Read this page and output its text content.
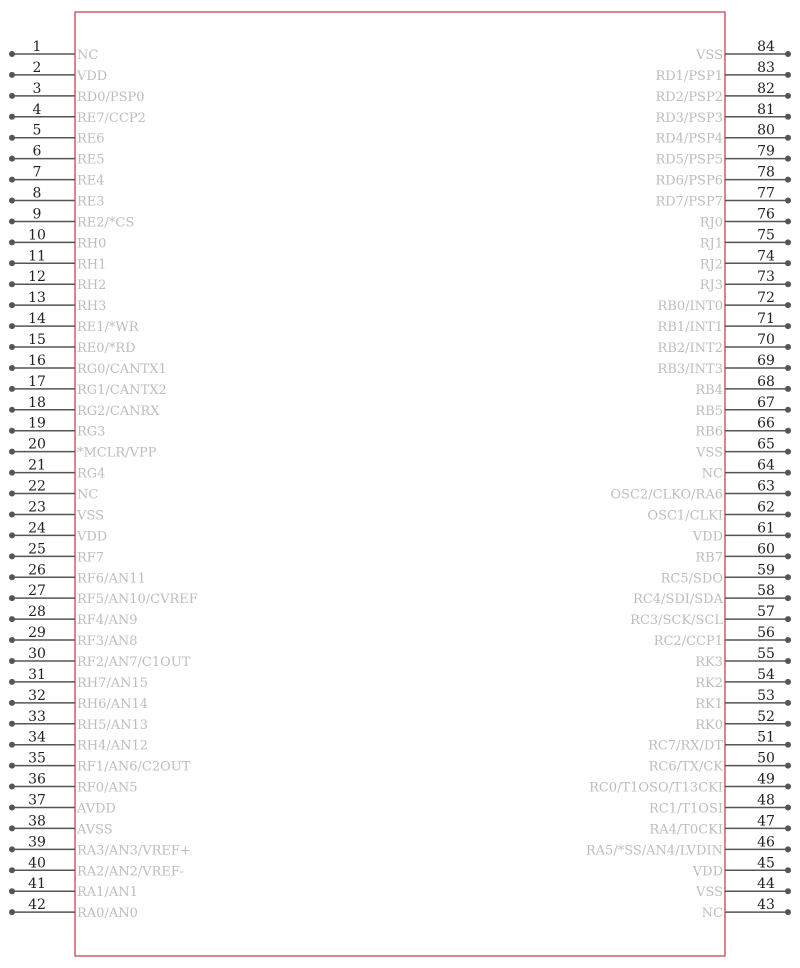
1
NC
2
VDD
3
RD0/PSP0
4
RE7/CCP2
5
RE6
6
RE5
7
RE4
8
RE3
9
RE2/*CS
10
RH0
11
RH1
12
RH2
13
RH3
14
RE1/*WR
15
RE0/*RD
16
RG0/CANTX1
17
RG1/CANTX2
18
RG2/CANRX
19
RG3
20
*MCLR/VPP
21
RG4
22
NC
23
VSS
24
VDD
25
RF7
26
RF6/AN11
27
RF5/AN10/CVREF
28
RF4/AN9
29
RF3/AN8
30
RF2/AN7/C1OUT
31
RH7/AN15
32
RH6/AN14
33
RH5/AN13
34
RH4/AN12
35
RF1/AN6/C2OUT
36
RF0/AN5
37
AVDD
38
AVSS
39
RA3/AN3/VREF+
40
RA2/AN2/VREF-
41
RA1/AN1
42
RA0/AN0
84
VSS
83
RD1/PSP1
82
RD2/PSP2
81
RD3/PSP3
80
RD4/PSP4
79
RD5/PSP5
78
RD6/PSP6
77
RD7/PSP7
76
RJ0
75
RJ1
74
RJ2
73
RJ3
72
RB0/INT0
71
RB1/INT1
70
RB2/INT2
69
RB3/INT3
68
RB4
67
RB5
66
RB6
65
VSS
64
NC
63
OSC2/CLKO/RA6
62
OSC1/CLKI
61
VDD
60
RB7
59
RC5/SDO
58
RC4/SDI/SDA
57
RC3/SCK/SCL
56
RC2/CCP1
55
RK3
54
RK2
53
RK1
52
RK0
51
RC7/RX/DT
50
RC6/TX/CK
49
RC0/T1OSO/T13CKI
48
RC1/T1OSI
47
RA4/T0CKI
46
RA5/*SS/AN4/LVDIN
45
VDD
44
VSS
43
NC
